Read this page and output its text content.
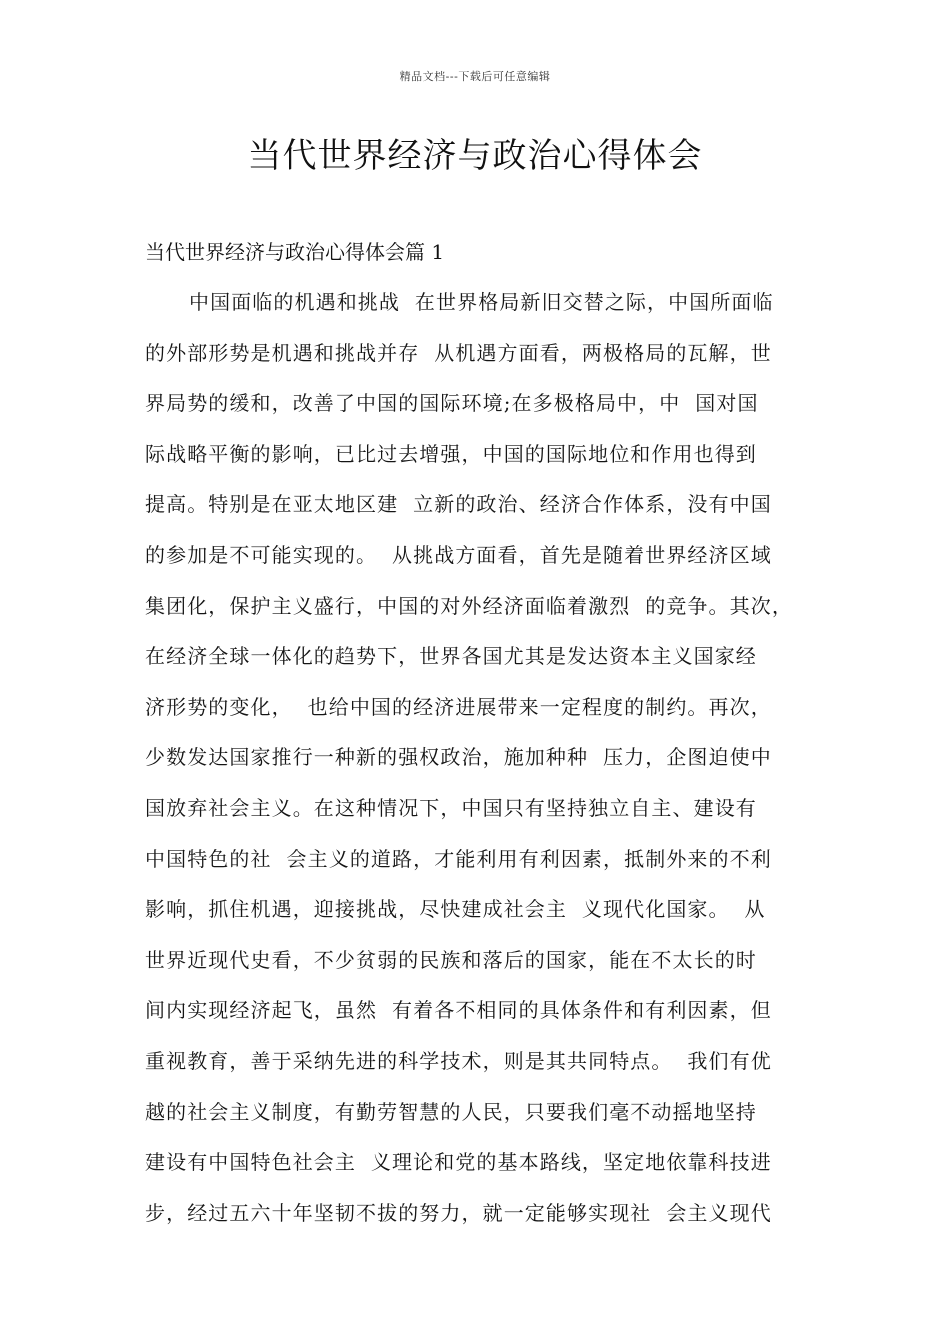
精品文档---下载后可任意编辑
当代世界经济与政治心得体会
当代世界经济与政治心得体会篇 1
中国面临的机遇和挑战  在世界格局新旧交替之际，中国所面临
的外部形势是机遇和挑战并存  从机遇方面看，两极格局的瓦解，世
界局势的缓和，改善了中国的国际环境;在多极格局中，中  国对国
际战略平衡的影响，已比过去增强，中国的国际地位和作用也得到
提高。特别是在亚太地区建  立新的政治、经济合作体系，没有中国
的参加是不可能实现的。  从挑战方面看，首先是随着世界经济区域
集团化，保护主义盛行，中国的对外经济面临着激烈  的竞争。其次，
在经济全球一体化的趋势下，世界各国尤其是发达资本主义国家经
济形势的变化，  也给中国的经济进展带来一定程度的制约。再次，
少数发达国家推行一种新的强权政治，施加种种  压力，企图迫使中
国放弃社会主义。在这种情况下，中国只有坚持独立自主、建设有
中国特色的社  会主义的道路，才能利用有利因素，抵制外来的不利
影响，抓住机遇，迎接挑战，尽快建成社会主  义现代化国家。  从
世界近现代史看，不少贫弱的民族和落后的国家，能在不太长的时
间内实现经济起飞，虽然  有着各不相同的具体条件和有利因素，但
重视教育，善于采纳先进的科学技术，则是其共同特点。  我们有优
越的社会主义制度，有勤劳智慧的人民，只要我们毫不动摇地坚持
建设有中国特色社会主  义理论和党的基本路线，坚定地依靠科技进
步，经过五六十年坚韧不拔的努力，就一定能够实现社  会主义现代
